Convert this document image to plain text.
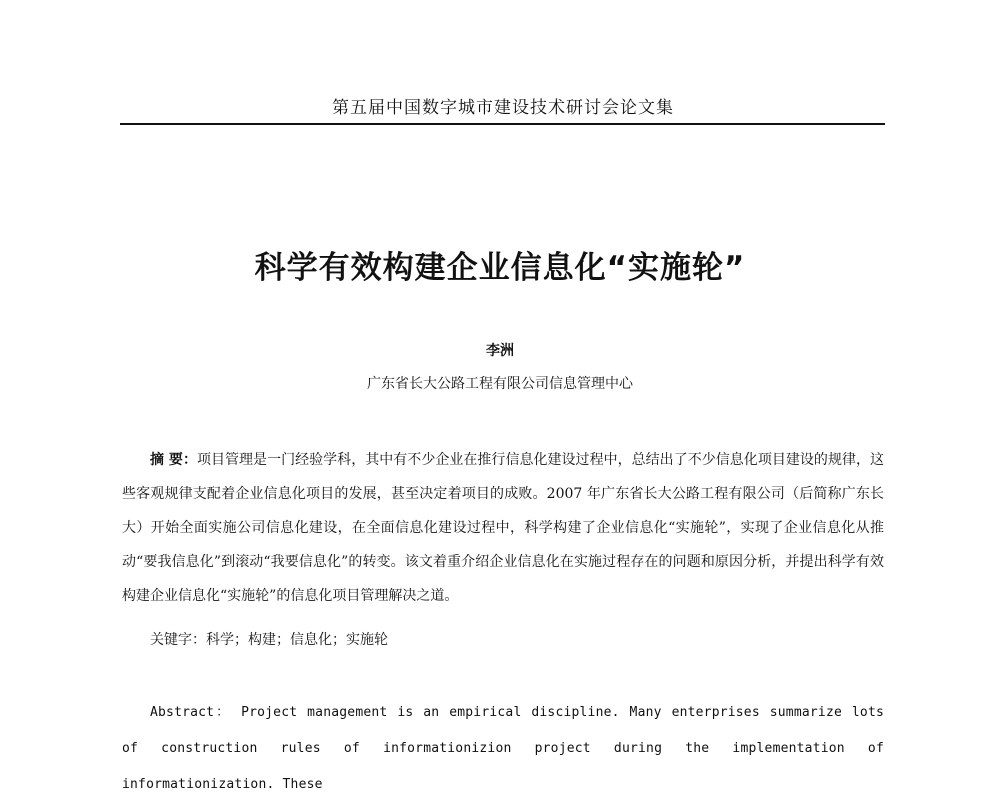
第五届中国数字城市建设技术研讨会论文集
科学有效构建企业信息化“实施轮”
李洲
广东省长大公路工程有限公司信息管理中心

摘 要：项目管理是一门经验学科，其中有不少企业在推行信息化建设过程中，总结出了不少信息化项目建设的规律，这些客观规律支配着企业信息化项目的发展，甚至决定着项目的成败。2007 年广东省长大公路工程有限公司（后简称广东长大）开始全面实施公司信息化建设，在全面信息化建设过程中，科学构建了企业信息化“实施轮”，实现了企业信息化从推动“要我信息化”到滚动“我要信息化”的转变。该文着重介绍企业信息化在实施过程存在的问题和原因分析，并提出科学有效构建企业信息化“实施轮”的信息化项目管理解决之道。

关键字：科学；构建；信息化；实施轮

Abstract： Project management is an empirical discipline. Many enterprises summarize lots of construction rules of informationizion project during the implementation of informationization. These
